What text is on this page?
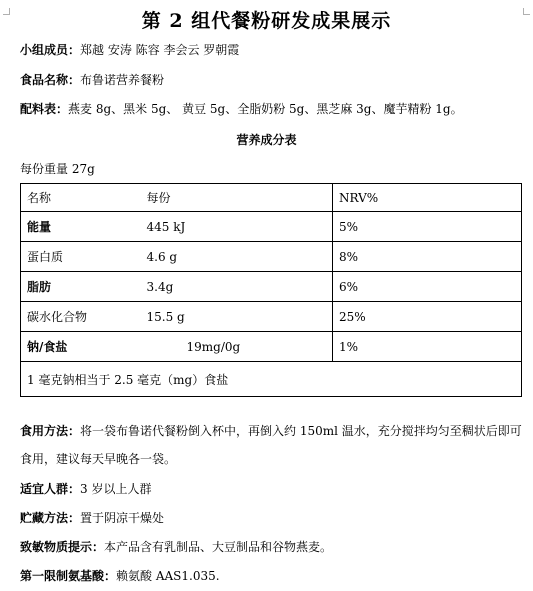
第 2 组代餐粉研发成果展示
小组成员：郑越 安涛 陈容 李会云 罗朝霞
食品名称：布鲁诺营养餐粉
配料表：燕麦 8g、黑米 5g、 黄豆 5g、全脂奶粉 5g、黑芝麻 3g、魔芋精粉 1g。
营养成分表
每份重量 27g
名称	每份	NRV%
能量	445 kJ	5%
蛋白质	4.6 g	8%
脂肪	3.4g	6%
碳水化合物	15.5 g	25%
钠/食盐	19mg/0g	1%
1 毫克钠相当于 2.5 毫克（mg）食盐		
食用方法：将一袋布鲁诺代餐粉倒入杯中，再倒入约 150ml 温水，充分搅拌均匀至稠状后即可食用，建议每天早晚各一袋。
适宜人群：3 岁以上人群
贮藏方法：置于阴凉干燥处
致敏物质提示：本产品含有乳制品、大豆制品和谷物燕麦。
第一限制氨基酸：赖氨酸 AAS1.035.
